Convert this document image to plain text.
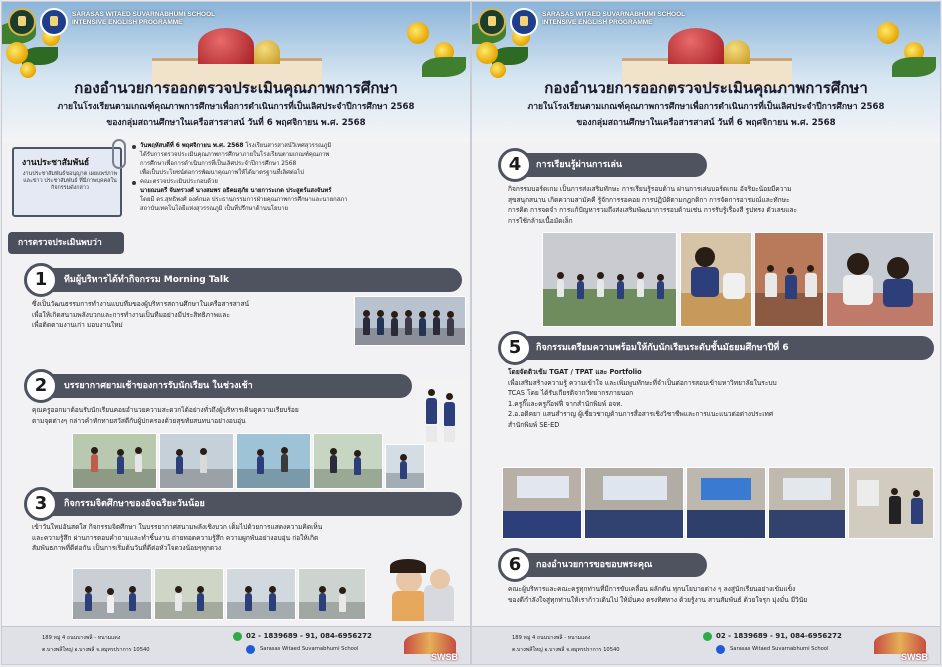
SARASAS WITAED SUVARNABHUMI SCHOOL
INTENSIVE ENGLISH PROGRAMME
กองอำนวยการออกตรวจประเมินคุณภาพการศึกษา
ภายในโรงเรียนตามเกณฑ์คุณภาพการศึกษาเพื่อการดำเนินการที่เป็นเลิศประจำปีการศึกษา 2568
ของกลุ่มสถานศึกษาในเครือสารสาสน์ วันที่ 6 พฤศจิกายน พ.ศ. 2568
งานประชาสัมพันธ์
งานประชาสัมพันธ์ขอนุญาต เผยแพร่ภาพและข่าว ประชาสัมพันธ์ ที่มีภาพบุคคลในกิจกรรมดังกล่าว
การตรวจประเมินพบว่า
วันพฤหัสบดีที่ 6 พฤศจิกายน พ.ศ. 2568 โรงเรียนสารสาสน์วิเทศสุวรรณภูมิ
ได้รับการตรวจประเมินคุณภาพการศึกษาภายในโรงเรียนตามเกณฑ์คุณภาพ
การศึกษาเพื่อการดำเนินการที่เป็นเลิศประจำปีการศึกษา 2568
เพื่อเป็นประโยชน์ต่อการพัฒนาคุณภาพให้ได้มาตรฐานที่เลิศต่อไป
คณะตรวจประเมินประกอบด้วย
นายณนตรี จันทรวงศ์ นางสมพร อธิคมสุภัย นายการะเกด ประสูตร์แสงจันทร์
โดยมี ดร.สุทธิพงศ์ องค์กมล ประธานกรรมการฝ่ายคุณภาพการศึกษาและนายกสภา
สถาบันเทคโนโลยีแห่งสุวรรณภูมิ เป็นที่ปรึกษาด้านนโยบาย
ทีมผู้บริหารได้ทำกิจกรรม Morning Talk
1
ซึ่งเป็นวัฒนธรรมการทำงานแบบทีมของผู้บริหารสถานศึกษาในเครือสารสาสน์
เพื่อให้เกิดสนามพลังบวกและการทำงานเป็นทีมอย่างมีประสิทธิภาพและ
เพื่อติดตามงานเก่า มอบงานใหม่
บรรยากาศยามเช้าของการรับนักเรียน ในช่วงเช้า
2
คุณครูออกมาต้อนรับนักเรียนคอยอำนวยความสะดวกได้อย่างทั่วถึงผู้บริหารเดินดูความเรียบร้อย
ตามจุดต่างๆ กล่าวคำทักทายสวัสดีกับผู้ปกครองด้วยสุขทัยสนทนาอย่างอบอุ่น
กิจกรรมจิตศึกษาของอัจฉริยะวันน้อย
3
เข้าวันใหม่อันสดใส กิจกรรมจิตศึกษา ในบรรยากาศสนามพลังเชิงบวก เต็มไปด้วยการแสดงความคิดเห็น
และความรู้สึก ผ่านการตอบคำถามและทำชิ้นงาน ถ่ายทอดความรู้สึก ความผูกพันอย่างอบอุ่น ก่อให้เกิด
สัมพันธภาพที่ดีต่อกัน เป็นการเริ่มต้นวันที่ดีต่อหัวใจดวงน้อยๆทุกดวง
189 หมู่ 4 ถนนบางพลี - หนามแดง
ต.บางพลีใหญ่ อ.บางพลี จ.สมุทรปราการ 10540
02 - 1839689 - 91, 084-6956272
Sarasas Witaed Suvarnabhumi School
SWSB
SARASAS WITAED SUVARNABHUMI SCHOOL
INTENSIVE ENGLISH PROGRAMME
กองอำนวยการออกตรวจประเมินคุณภาพการศึกษา
ภายในโรงเรียนตามเกณฑ์คุณภาพการศึกษาเพื่อการดำเนินการที่เป็นเลิศประจำปีการศึกษา 2568
ของกลุ่มสถานศึกษาในเครือสารสาสน์ วันที่ 6 พฤศจิกายน พ.ศ. 2568
การเรียนรู้ผ่านการเล่น
4
กิจกรรมบอร์ดเกม เป็นการส่งเสริมทักษะ การเรียนรู้รอบด้าน ผ่านการเล่นบอร์ดเกม อัจริยะน้อยมีความ
สุขสนุกสนาน เกิดความสามัคคี รู้จักการรอคอย การปฏิบัติตามกฎกติกา การจัดการอารมณ์และทักษะ
การคิด การจดจำ การแก้ปัญหารวมถึงส่งเสริมพัฒนาการรอบด้านเช่น การรับรู้เรื่องสี รูปทรง ตัวเลขและ
การใช้กล้ามเนื้อมัดเล็ก
กิจกรรมเตรียมความพร้อมให้กับนักเรียนระดับชั้นมัธยมศึกษาปีที่ 6
5
โดยจัดติวเข้ม TGAT / TPAT และ Portfolio
เพื่อเสริมสร้างความรู้ ความเข้าใจ และเพิ่มพูนทักษะที่จำเป็นต่อการสอบเข้ามหาวิทยาลัยในระบบ
TCAS โดย ได้รับเกียรติจากวิทยากรภายนอก
1.ครูกิ๊และครูก๊อฟฟี่ จากสำนักพิมพ์ อจท.
2.อ.อติคยา แสนสำราญ ผู้เชี่ยวชาญด้านการสื่อสารเชิงวิชาชีพและการแนะแนวต่อต่างประเทศ
สำนักพิมพ์ SE-ED
กองอำนวยการขอขอบพระคุณ
6
คณะผู้บริหารและคณะครูทุกท่านที่มีการขับเคลื่อน ผลักดัน ทุกนโยบายต่าง ๆ ลงสู่นักเรียนอย่างเข้มแข็ง
ของดีกำลังใจสู่ทุกท่านให้เราก้าวเดินไป ให้มั่นคง ตรงทิศทาง ด้วยรู้งาน สานสัมพันธ์ ด้วยใจรุก มุ่งมั่น มีวินัย
189 หมู่ 4 ถนนบางพลี - หนามแดง
ต.บางพลีใหญ่ อ.บางพลี จ.สมุทรปราการ 10540
02 - 1839689 - 91, 084-6956272
Sarasas Witaed Suvarnabhumi School
SWSB
